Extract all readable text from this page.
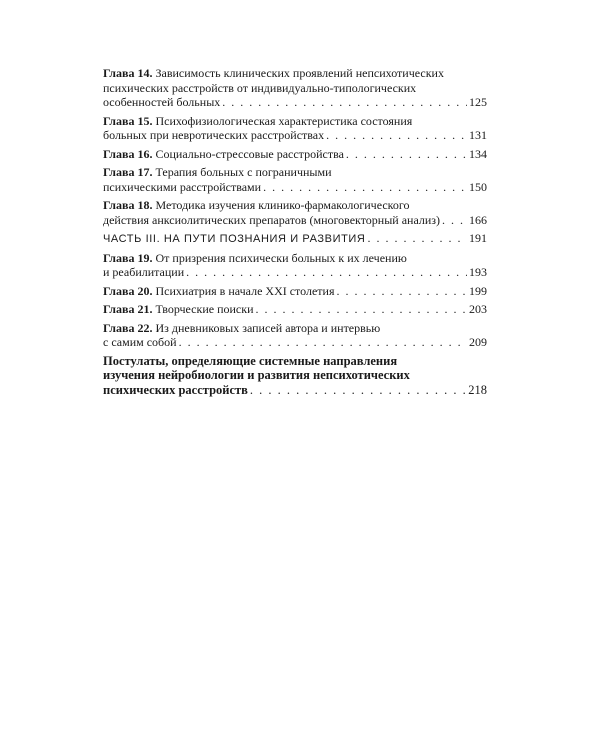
Глава 14. Зависимость клинических проявлений непсихотических
психических расстройств от индивидуально-типологических
особенностей больных . . .	125
Глава 15. Психофизиологическая характеристика состояния
больных при невротических расстройствах . . .	131
Глава 16. Социально-стрессовые расстройства . . .	134
Глава 17. Терапия больных с пограничными
психическими расстройствами . . .	150
Глава 18. Методика изучения клинико-фармакологического
действия анксиолитических препаратов (многовекторный анализ) . . . 166
ЧАСТЬ III. НА ПУТИ ПОЗНАНИЯ И РАЗВИТИЯ . . .	191
Глава 19. От призрения психически больных к их лечению
и реабилитации . . .	193
Глава 20. Психиатрия в начале XXI столетия . . .	199
Глава 21. Творческие поиски . . .	203
Глава 22. Из дневниковых записей автора и интервью
с самим собой . . .	209
Постулаты, определяющие системные направления
изучения нейробиологии и развития непсихотических
психических расстройств . . .	218
